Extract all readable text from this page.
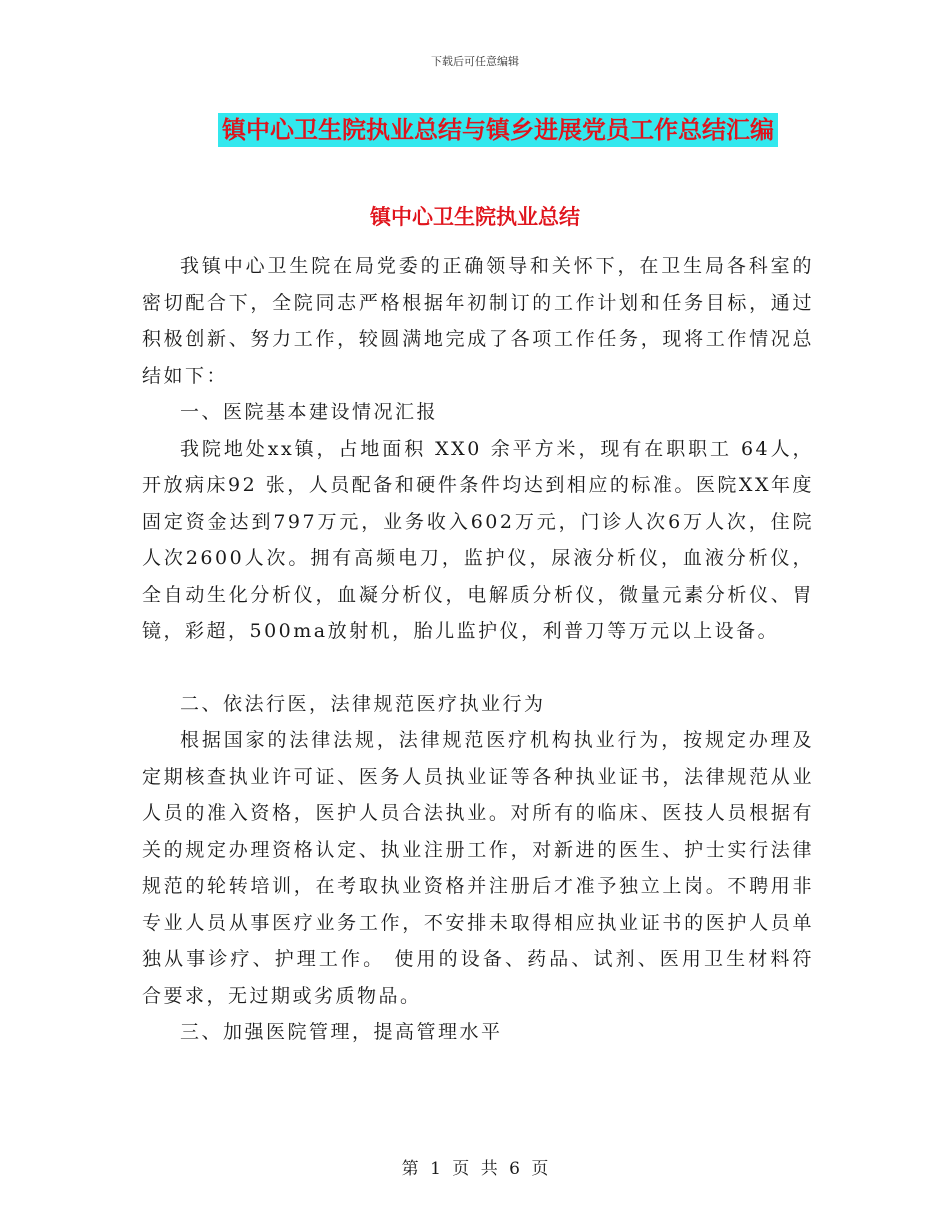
下载后可任意编辑
镇中心卫生院执业总结与镇乡进展党员工作总结汇编
镇中心卫生院执业总结

我镇中心卫生院在局党委的正确领导和关怀下，在卫生局各科室的密切配合下，全院同志严格根据年初制订的工作计划和任务目标，通过积极创新、努力工作，较圆满地完成了各项工作任务，现将工作情况总结如下：

一、医院基本建设情况汇报

我院地处xx镇，占地面积 XX0 余平方米，现有在职职工 64人，开放病床92 张，人员配备和硬件条件均达到相应的标准。医院XX年度固定资金达到797万元，业务收入602万元，门诊人次6万人次，住院人次2600人次。拥有高频电刀，监护仪，尿液分析仪，血液分析仪，全自动生化分析仪，血凝分析仪，电解质分析仪，微量元素分析仪、胃镜，彩超，500ma放射机，胎儿监护仪，利普刀等万元以上设备。

二、依法行医，法律规范医疗执业行为

根据国家的法律法规，法律规范医疗机构执业行为，按规定办理及定期核查执业许可证、医务人员执业证等各种执业证书，法律规范从业人员的准入资格，医护人员合法执业。对所有的临床、医技人员根据有关的规定办理资格认定、执业注册工作，对新进的医生、护士实行法律规范的轮转培训，在考取执业资格并注册后才准予独立上岗。不聘用非专业人员从事医疗业务工作，不安排未取得相应执业证书的医护人员单独从事诊疗、护理工作。 使用的设备、药品、试剂、医用卫生材料符合要求，无过期或劣质物品。

三、加强医院管理，提高管理水平

第 1 页 共 6 页
